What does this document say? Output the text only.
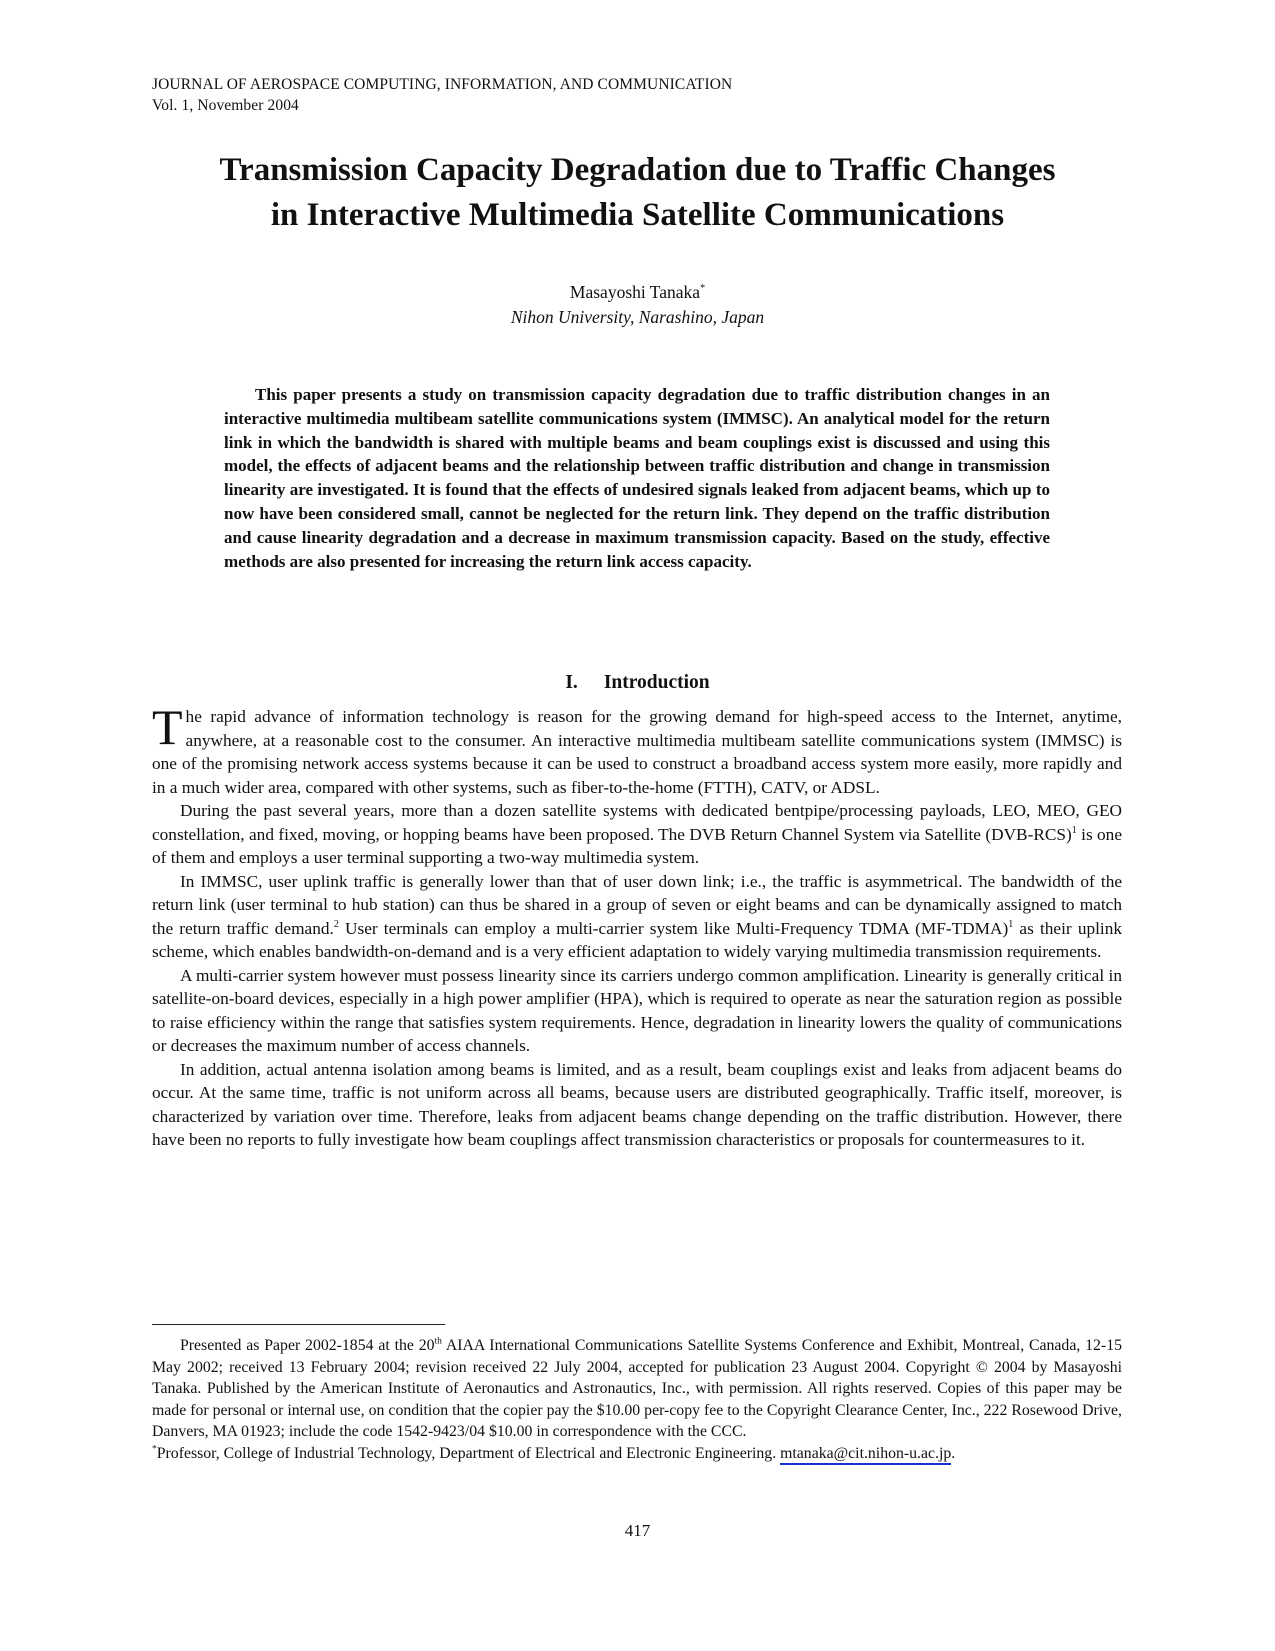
JOURNAL OF AEROSPACE COMPUTING, INFORMATION, AND COMMUNICATION
Vol. 1, November 2004
Transmission Capacity Degradation due to Traffic Changes
in Interactive Multimedia Satellite Communications
Masayoshi Tanaka*
Nihon University, Narashino, Japan

This paper presents a study on transmission capacity degradation due to traffic distribution changes in an interactive multimedia multibeam satellite communications system (IMMSC). An analytical model for the return link in which the bandwidth is shared with multiple beams and beam couplings exist is discussed and using this model, the effects of adjacent beams and the relationship between traffic distribution and change in transmission linearity are investigated. It is found that the effects of undesired signals leaked from adjacent beams, which up to now have been considered small, cannot be neglected for the return link. They depend on the traffic distribution and cause linearity degradation and a decrease in maximum transmission capacity. Based on the study, effective methods are also presented for increasing the return link access capacity.

I. Introduction

The rapid advance of information technology is reason for the growing demand for high-speed access to the Internet, anytime, anywhere, at a reasonable cost to the consumer. An interactive multimedia multibeam satellite communications system (IMMSC) is one of the promising network access systems because it can be used to construct a broadband access system more easily, more rapidly and in a much wider area, compared with other systems, such as fiber-to-the-home (FTTH), CATV, or ADSL.

During the past several years, more than a dozen satellite systems with dedicated bentpipe/processing payloads, LEO, MEO, GEO constellation, and fixed, moving, or hopping beams have been proposed. The DVB Return Channel System via Satellite $(DVB-RCS)^1$ is one of them and employs a user terminal supporting a two-way multimedia system.

In IMMSC, user uplink traffic is generally lower than that of user down link; i.e., the traffic is asymmetrical. The bandwidth of the return link (user terminal to hub station) can thus be shared in a group of seven or eight beams and can be dynamically assigned to match the return traffic demand.$^2$ User terminals can employ a multi-carrier system like Multi-Frequency TDMA (MF-TDMA)$^1$ as their uplink scheme, which enables bandwidth-on-demand and is a very efficient adaptation to widely varying multimedia transmission requirements.

A multi-carrier system however must possess linearity since its carriers undergo common amplification. Linearity is generally critical in satellite-on-board devices, especially in a high power amplifier (HPA), which is required to operate as near the saturation region as possible to raise efficiency within the range that satisfies system requirements. Hence, degradation in linearity lowers the quality of communications or decreases the maximum number of access channels.

In addition, actual antenna isolation among beams is limited, and as a result, beam couplings exist and leaks from adjacent beams do occur. At the same time, traffic is not uniform across all beams, because users are distributed geographically. Traffic itself, moreover, is characterized by variation over time. Therefore, leaks from adjacent beams change depending on the traffic distribution. However, there have been no reports to fully investigate how beam couplings affect transmission characteristics or proposals for countermeasures to it.

Presented as Paper 2002-1854 at the 20th AIAA International Communications Satellite Systems Conference and Exhibit, Montreal, Canada, 12-15 May 2002; received 13 February 2004; revision received 22 July 2004, accepted for publication 23 August 2004. Copyright © 2004 by Masayoshi Tanaka. Published by the American Institute of Aeronautics and Astronautics, Inc., with permission. All rights reserved. Copies of this paper may be made for personal or internal use, on condition that the copier pay the $10.00 per-copy fee to the Copyright Clearance Center, Inc., 222 Rosewood Drive, Danvers, MA 01923; include the code 1542-9423/04 $10.00 in correspondence with the CCC.

*Professor, College of Industrial Technology, Department of Electrical and Electronic Engineering. mtanaka@cit.nihon-u.ac.jp.

417
